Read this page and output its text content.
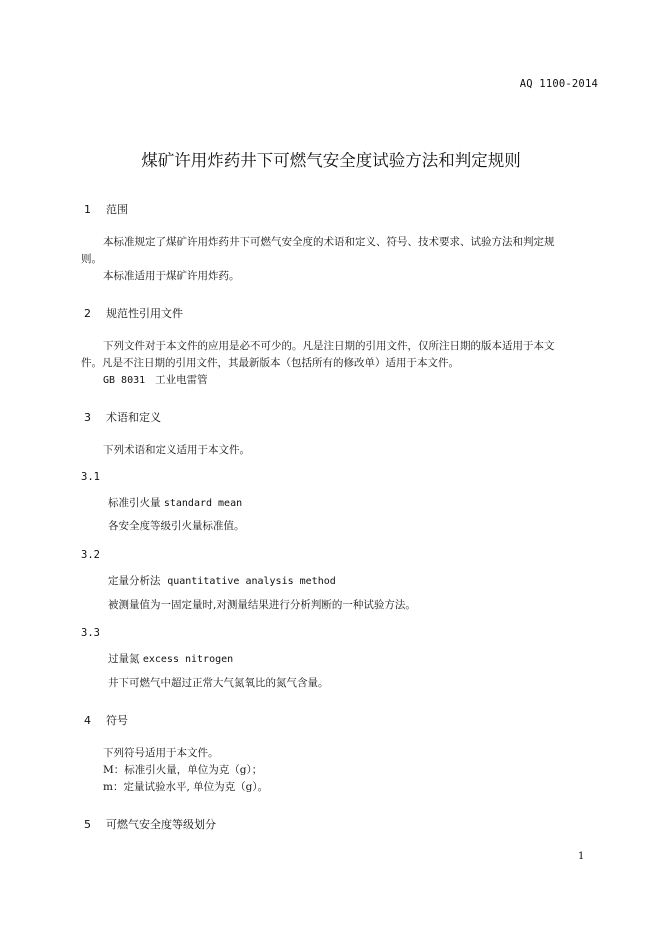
AQ 1100-2014
煤矿许用炸药井下可燃气安全度试验方法和判定规则
1 范围
本标准规定了煤矿许用炸药井下可燃气安全度的术语和定义、符号、技术要求、试验方法和判定规
则。
本标准适用于煤矿许用炸药。
2 规范性引用文件
下列文件对于本文件的应用是必不可少的。凡是注日期的引用文件，仅所注日期的版本适用于本文
件。凡是不注日期的引用文件，其最新版本（包括所有的修改单）适用于本文件。
GB 8031 工业电雷管
3 术语和定义
下列术语和定义适用于本文件。
3.1
标准引火量 standard mean
各安全度等级引火量标准值。
3.2
定量分析法 quantitative analysis method
被测量值为一固定量时,对测量结果进行分析判断的一种试验方法。
3.3
过量氮 excess nitrogen
井下可燃气中超过正常大气氮氧比的氮气含量。
4 符号
下列符号适用于本文件。
M：标准引火量，单位为克（g）；
m：定量试验水平, 单位为克（g）。
5 可燃气安全度等级划分
1
